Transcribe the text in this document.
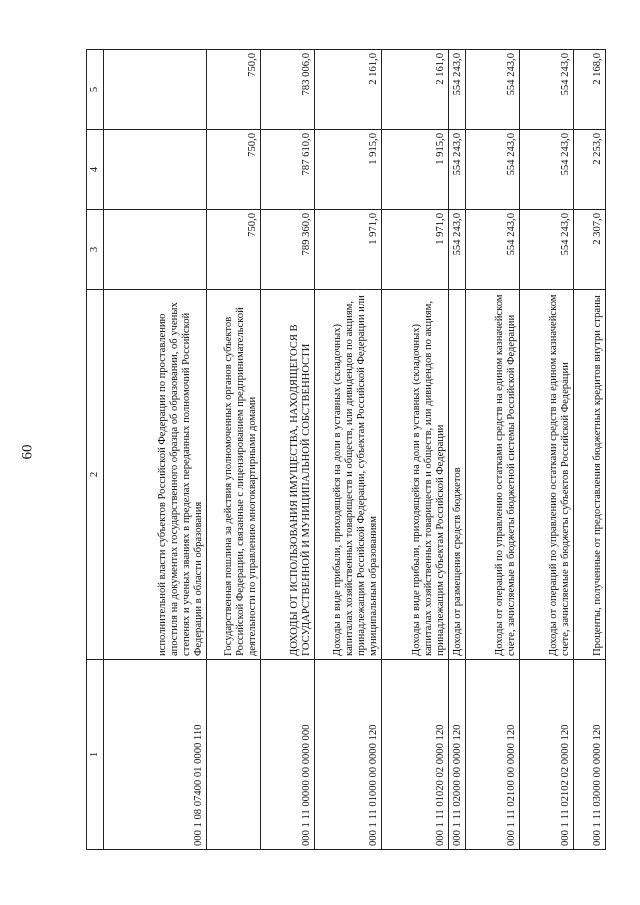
60
1	2	3	4	5
000 1 08 07400 01 0000 110	исполнительной власти субъектов Российской Федерации по проставлению апостиля на документах государственного образца об образовании, об ученых степенях и ученых званиях в пределах переданных полномочий Российской Федерации в области образования			
	Государственная пошлина за действия уполномоченных органов субъектов Российской Федерации, связанные с лицензированием предпринимательской деятельности по управлению многоквартирными домами	750,0	750,0	750,0
000 1 11 00000 00 0000 000	ДОХОДЫ ОТ ИСПОЛЬЗОВАНИЯ ИМУЩЕСТВА, НАХОДЯЩЕГОСЯ В ГОСУДАРСТВЕННОЙ И МУНИЦИПАЛЬНОЙ СОБСТВЕННОСТИ	789 360,0	787 610,0	783 006,0
000 1 11 01000 00 0000 120	Доходы в виде прибыли, приходящейся на доли в уставных (складочных) капиталах хозяйственных товариществ и обществ, или дивидендов по акциям, принадлежащим Российской Федерации, субъектам Российской Федерации или муниципальным образованиям	1 971,0	1 915,0	2 161,0
000 1 11 01020 02 0000 120	Доходы в виде прибыли, приходящейся на доли в уставных (складочных) капиталах хозяйственных товариществ и обществ, или дивидендов по акциям, принадлежащим субъектам Российской Федерации	1 971,0	1 915,0	2 161,0
000 1 11 02000 00 0000 120	Доходы от размещения средств бюджетов	554 243,0	554 243,0	554 243,0
000 1 11 02100 00 0000 120	Доходы от операций по управлению остатками средств на едином казначейском счете, зачисляемые в бюджеты бюджетной системы Российской Федерации	554 243,0	554 243,0	554 243,0
000 1 11 02102 02 0000 120	Доходы от операций по управлению остатками средств на едином казначейском счете, зачисляемые в бюджеты субъектов Российской Федерации	554 243,0	554 243,0	554 243,0
000 1 11 03000 00 0000 120	Проценты, полученные от предоставления бюджетных кредитов внутри страны	2 307,0	2 253,0	2 168,0
